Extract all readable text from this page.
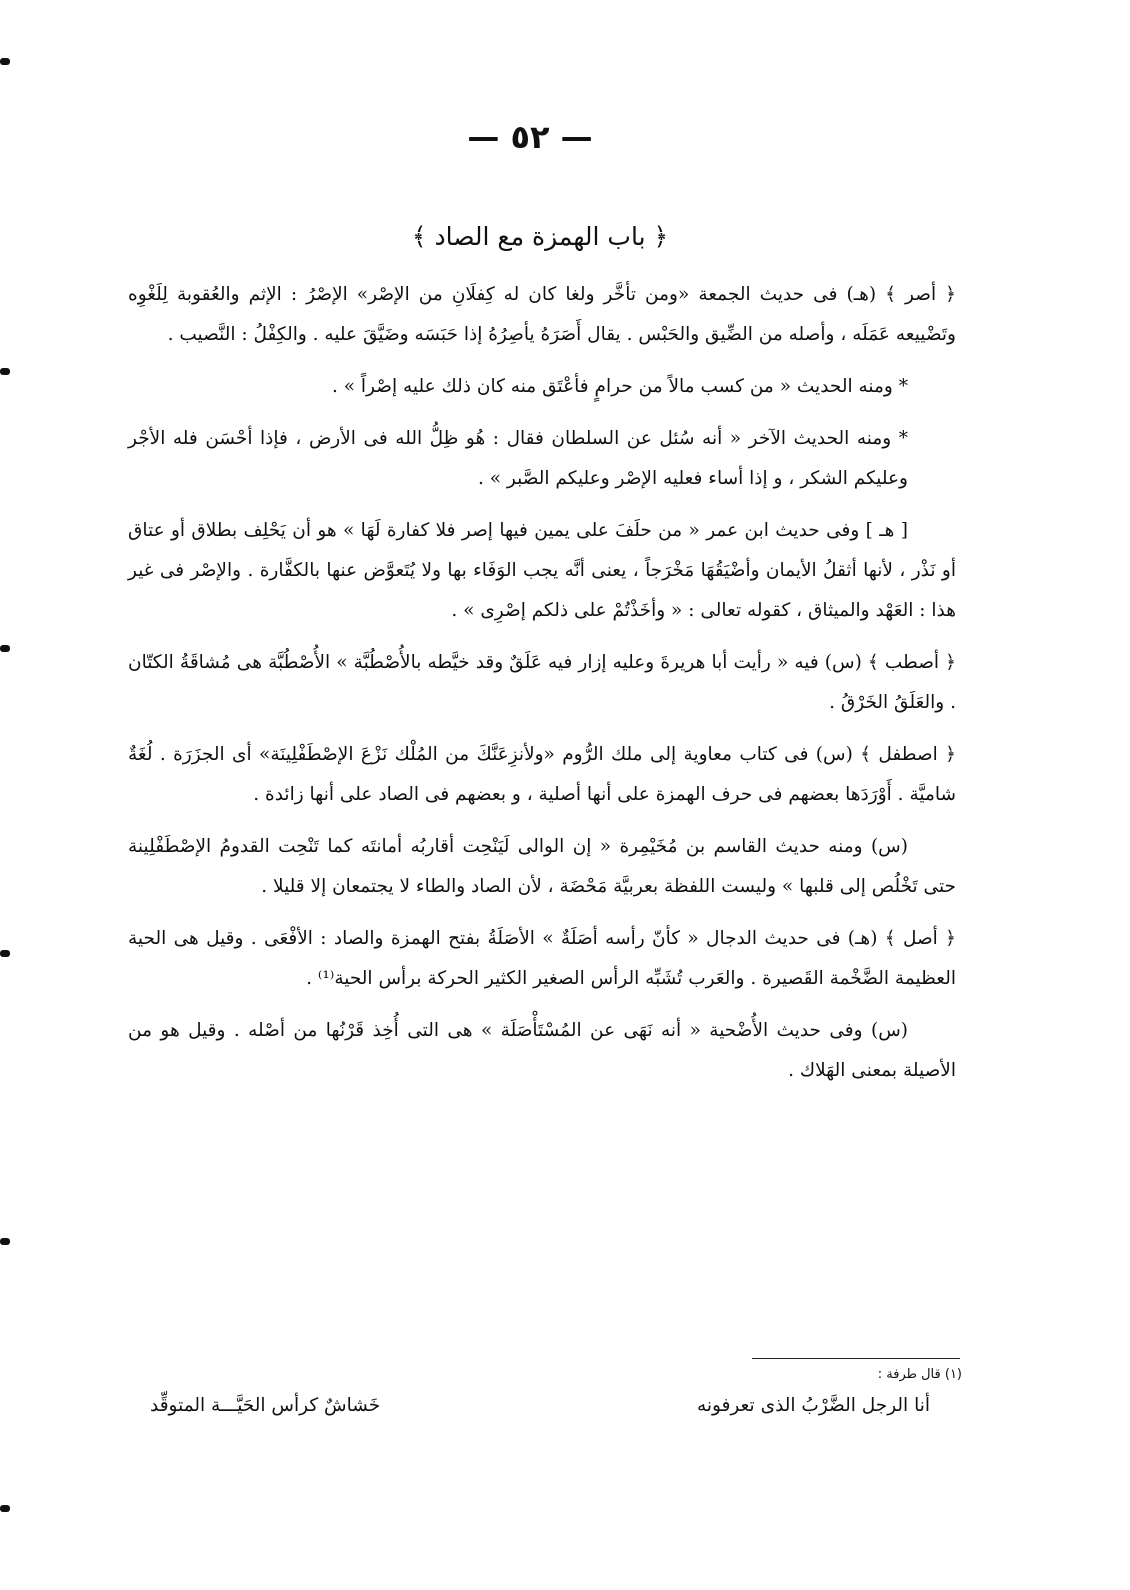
— ٥٢ —
﴿ باب الهمزة مع الصاد ﴾

﴿ أصر ﴾ (هـ) فى حديث الجمعة «ومن تأخَّر ولغا كان له كِفلَانِ من الإصْر» الإصْرُ : الإثم والعُقوبة لِلَغْوِه وتَضْييعه عَمَلَه ، وأصله من الضِّيق والحَبْس . يقال أَصَرَهُ يأصِرُهُ إذا حَبَسَه وضَيَّقَ عليه . والكِفْلُ : النَّصيب .

* ومنه الحديث « من كسب مالاً من حرامٍ فأعْتَق منه كان ذلك عليه إصْراً » .

* ومنه الحديث الآخر « أنه سُئل عن السلطان فقال : هُو ظِلُّ الله فى الأرض ، فإذا أحْسَن فله الأجْر وعليكم الشكر ، و إذا أساء فعليه الإصْر وعليكم الصَّبر » .

[ هـ ] وفى حديث ابن عمر « من حلَفَ على يمين فيها إصر فلا كفارة لَهَا » هو أن يَحْلِف بطلاق أو عتاق أو نَذْر ، لأنها أثقلُ الأيمان وأضْيَقُهَا مَخْرَجاً ، يعنى أنَّه يجب الوَفَاء بها ولا يُتَعوَّض عنها بالكفَّارة . والإصْر فى غير هذا : العَهْد والميثاق ، كقوله تعالى : « وأخَذْتُمْ على ذلكم إصْرِى » .

﴿ أصطب ﴾ (س) فيه « رأيت أبا هريرةَ وعليه إزار فيه عَلَقٌ وقد خيَّطه بالأُصْطُبَّة » الأُصْطُبَّة هى مُشاقَةُ الكتّان . والعَلَقُ الخَرْقُ .

﴿ اصطفل ﴾ (س) فى كتاب معاوية إلى ملك الرُّوم «ولأنزِعَنَّكَ من المُلْك نَزْعَ الإصْطَفْلِينَة» أى الجزَرَة . لُغَةٌ شاميَّة . أَوْرَدَها بعضهم فى حرف الهمزة على أنها أصلية ، و بعضهم فى الصاد على أنها زائدة .

(س) ومنه حديث القاسم بن مُخَيْمِرة « إن الوالى لَيَنْحِت أقاربُه أمانتَه كما تَنْحِت القدومُ الإصْطَفْلِينة حتى تَخْلُص إلى قلبها » وليست اللفظة بعربيَّة مَحْضَة ، لأن الصاد والطاء لا يجتمعان إلا قليلا .

﴿ أصل ﴾ (هـ) فى حديث الدجال « كأنّ رأسه أصَلَةٌ » الأصَلَةُ بفتح الهمزة والصاد : الأفْعَى . وقيل هى الحية العظيمة الضَّخْمة القَصيرة . والعَرب تُشَبِّه الرأس الصغير الكثير الحركة برأس الحية⁽¹⁾ .

(س) وفى حديث الأُضْحية « أنه نَهَى عن المُسْتَأْصَلَة » هى التى أُخِذ قَرْنُها من أصْله . وقيل هو من الأصيلة بمعنى الهَلاك .

(١) قال طرفة :
أنا الرجل الضَّرْبُ الذى تعرفونه
خَشاشٌ كرأس الحَيَّـــة المتوقِّد
